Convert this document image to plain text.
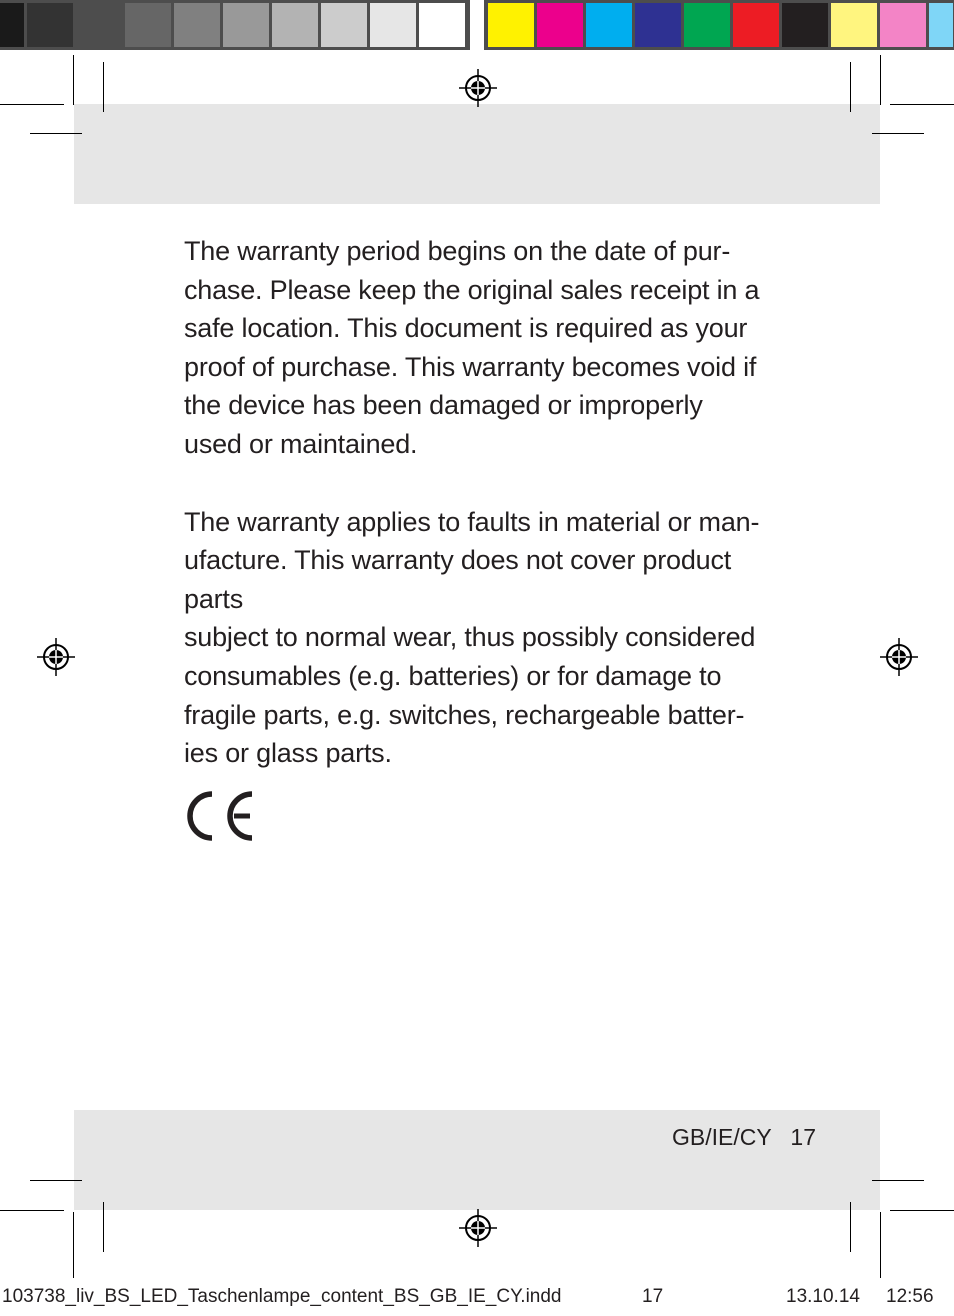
The warranty period begins on the date of pur-
chase. Please keep the original sales receipt in a
safe location. This document is required as your
proof of purchase. This warranty becomes void if
the device has been damaged or improperly
used or maintained.

The warranty applies to faults in material or man-
ufacture. This warranty does not cover product parts
subject to normal wear, thus possibly considered
consumables (e.g. batteries) or for damage to
fragile parts, e.g. switches, rechargeable batter-
ies or glass parts.

GB/IE/CY   17
103738_liv_BS_LED_Taschenlampe_content_BS_GB_IE_CY.indd	17	13.10.14 12:56
